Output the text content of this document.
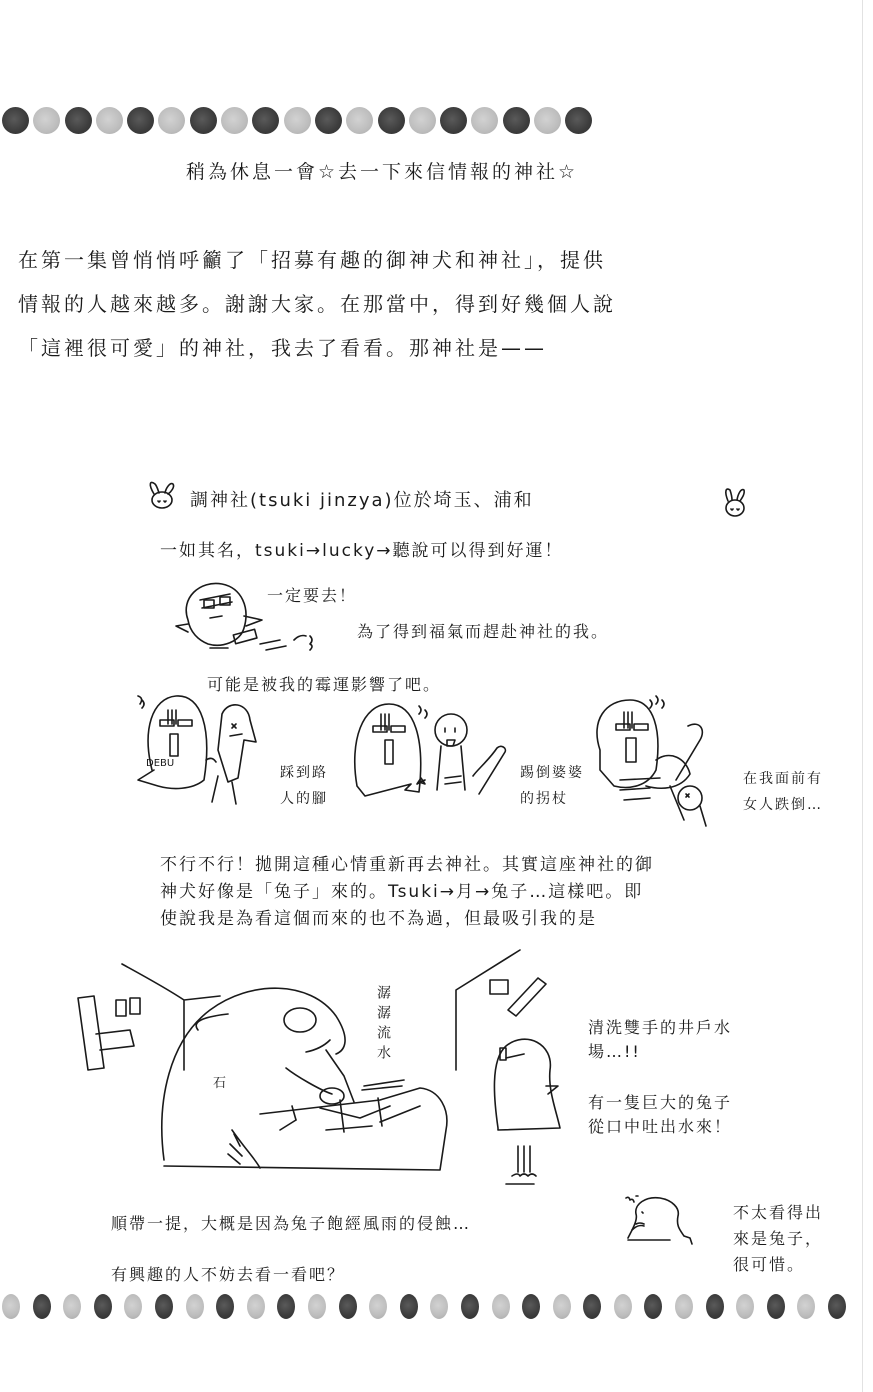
稍為休息一會☆去一下來信情報的神社☆
在第一集曾悄悄呼籲了「招募有趣的御神犬和神社」，提供
情報的人越來越多。謝謝大家。在那當中，得到好幾個人說
「這裡很可愛」的神社，我去了看看。那神社是——
調神社(tsuki jinzya)位於埼玉、浦和
一如其名，tsuki→lucky→聽說可以得到好運！
一定要去！
為了得到福氣而趕赴神社的我。
可能是被我的霉運影響了吧。
DEBU
踩到路
人的腳
踢倒婆婆
的拐杖
在我面前有
女人跌倒…
不行不行！拋開這種心情重新再去神社。其實這座神社的御
神犬好像是「兔子」來的。Tsuki→月→兔子…這樣吧。即
使說我是為看這個而來的也不為過，但最吸引我的是
石
潺潺流水	清洗雙手的井戶水
場…!!
有一隻巨大的兔子
從口中吐出水來！
順帶一提，大概是因為兔子飽經風雨的侵蝕…
有興趣的人不妨去看一看吧？
不太看得出
來是兔子，
很可惜。
